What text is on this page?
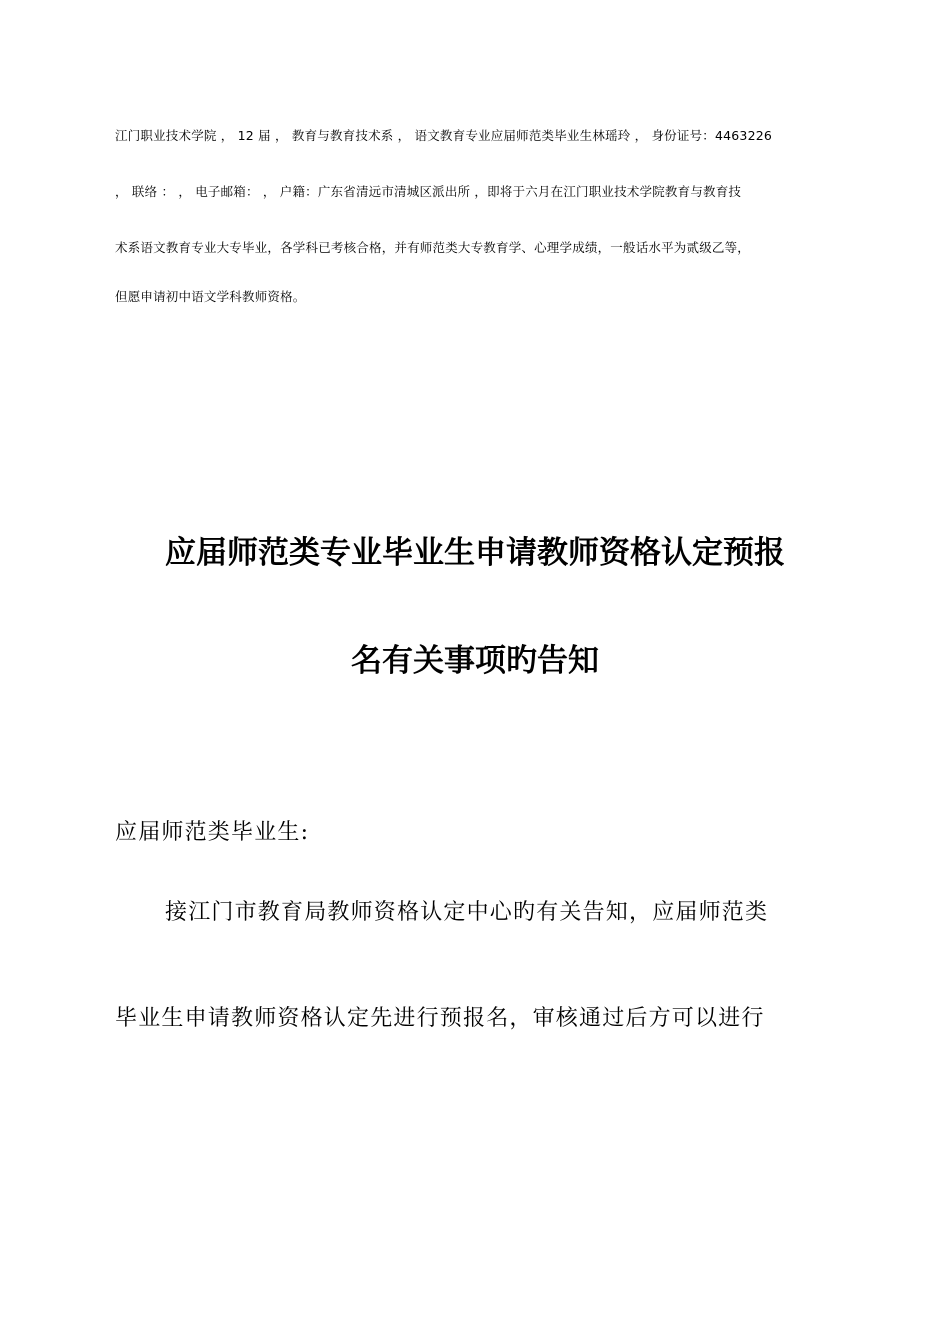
江门职业技术学院 ， 12 届 ， 教育与教育技术系 ， 语文教育专业应届师范类毕业生林瑶玲 ， 身份证号：4463226
， 联络 ： ， 电子邮箱： ， 户籍：广东省清远市清城区派出所 ，即将于六月在江门职业技术学院教育与教育技
术系语文教育专业大专毕业，各学科已考核合格，并有师范类大专教育学、心理学成绩，一般话水平为贰级乙等，
但愿申请初中语文学科教师资格。
应届师范类专业毕业生申请教师资格认定预报
名有关事项旳告知
应届师范类毕业生:
接江门市教育局教师资格认定中心旳有关告知，应届师范类
毕业生申请教师资格认定先进行预报名，审核通过后方可以进行
